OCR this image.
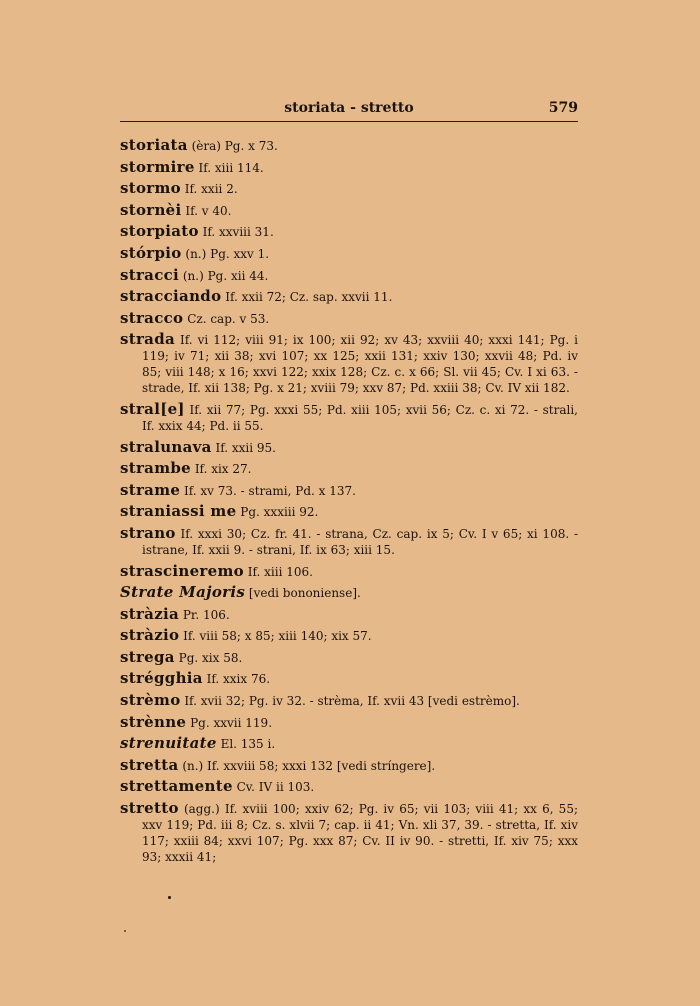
storiata - stretto	579
storiata (èra) Pg. x 73.
stormire If. xiii 114.
stormo If. xxii 2.
stornèi If. v 40.
storpiato If. xxviii 31.
stórpio (n.) Pg. xxv 1.
stracci (n.) Pg. xii 44.
stracciando If. xxii 72; Cz. sap. xxvii 11.
stracco Cz. cap. v 53.
strada If. vi 112; viii 91; ix 100; xii 92; xv 43; xxviii 40; xxxi 141; Pg. i 119; iv 71; xii 38; xvi 107; xx 125; xxii 131; xxiv 130; xxvii 48; Pd. iv 85; viii 148; x 16; xxvi 122; xxix 128; Cz. c. x 66; Sl. vii 45; Cv. I xi 63. - strade, If. xii 138; Pg. x 21; xviii 79; xxv 87; Pd. xxiii 38; Cv. IV xii 182.
stral[e] If. xii 77; Pg. xxxi 55; Pd. xiii 105; xvii 56; Cz. c. xi 72. - strali, If. xxix 44; Pd. ii 55.
stralunava If. xxii 95.
strambe If. xix 27.
strame If. xv 73. - strami, Pd. x 137.
straniassi me Pg. xxxiii 92.
strano If. xxxi 30; Cz. fr. 41. - strana, Cz. cap. ix 5; Cv. I v 65; xi 108. - istrane, If. xxii 9. - strani, If. ix 63; xiii 15.
strascineremo If. xiii 106.
Strate Majoris [vedi bononiense].
stràzia Pr. 106.
stràzio If. viii 58; x 85; xiii 140; xix 57.
strega Pg. xix 58.
strégghia If. xxix 76.
strèmo If. xvii 32; Pg. iv 32. - strèma, If. xvii 43 [vedi estrèmo].
strènne Pg. xxvii 119.
strenuitate El. 135 i.
stretta (n.) If. xxviii 58; xxxi 132 [vedi stríngere].
strettamente Cv. IV ii 103.
stretto (agg.) If. xviii 100; xxiv 62; Pg. iv 65; vii 103; viii 41; xx 6, 55; xxv 119; Pd. iii 8; Cz. s. xlvii 7; cap. ii 41; Vn. xli 37, 39. - stretta, If. xiv 117; xxiii 84; xxvi 107; Pg. xxx 87; Cv. II iv 90. - stretti, If. xiv 75; xxx 93; xxxii 41;
